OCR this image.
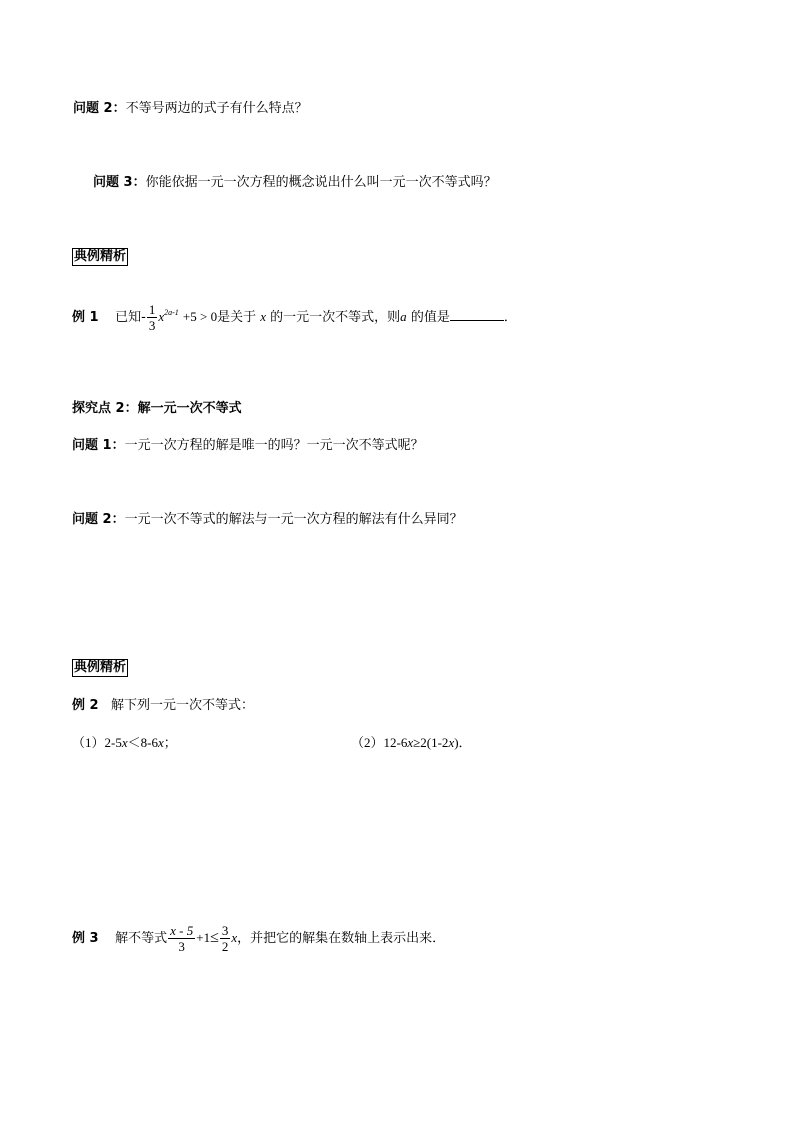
问题 2：不等号两边的式子有什么特点？
问题 3：你能依据一元一次方程的概念说出什么叫一元一次不等式吗？
典例精析
例 1 已知- $\frac{1}{3} x^{2a-1} +5 > 0$是关于 x 的一元一次不等式，则a 的值是	．
探究点 2：解一元一次不等式
问题 1：一元一次方程的解是唯一的吗？一元一次不等式呢？
问题 2：一元一次不等式的解法与一元一次方程的解法有什么异同？
典例精析
例 2 解下列一元一次不等式：
（1）2-5x＜8-6x；	（2）12-6x≥2(1-2x)．
例 3 解不等式 $\frac{x - 5}{3} +1\le \frac{3}{2}$ x，并把它的解集在数轴上表示出来．
